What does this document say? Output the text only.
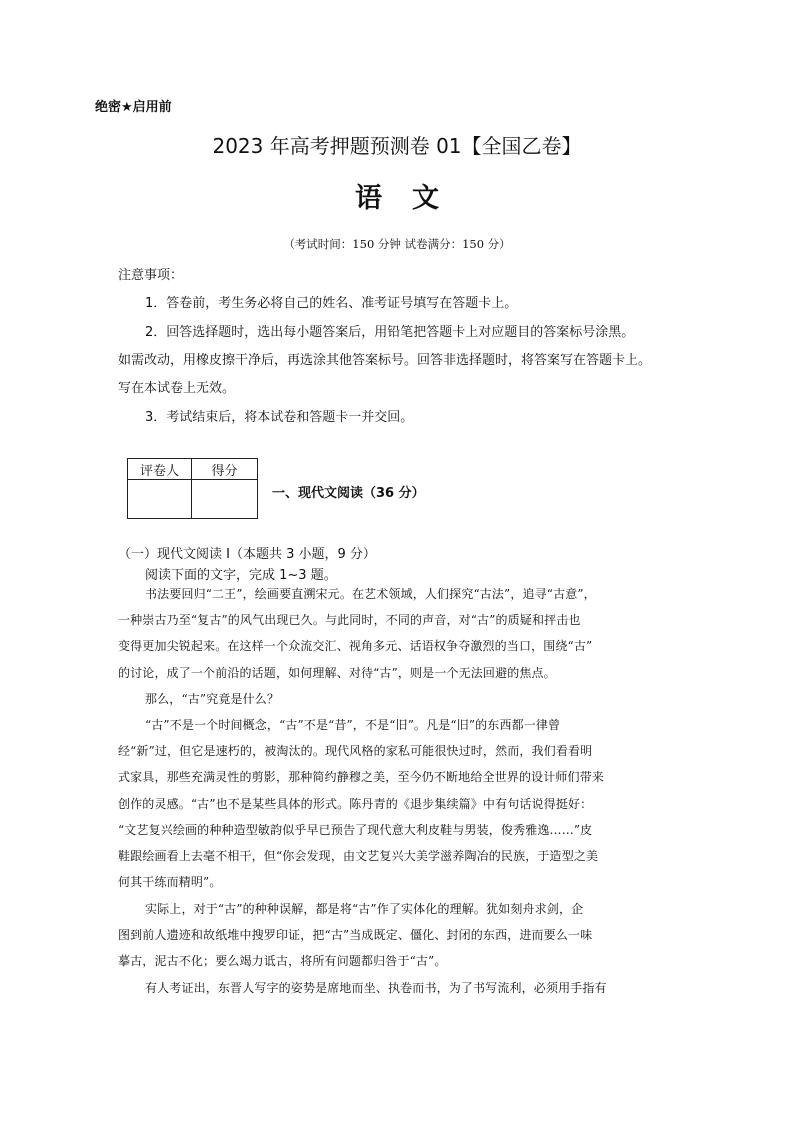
绝密★启用前
2023 年高考押题预测卷 01【全国乙卷】
语文
（考试时间：150 分钟 试卷满分：150 分）
注意事项：
1．答卷前，考生务必将自己的姓名、准考证号填写在答题卡上。
2．回答选择题时，选出每小题答案后，用铅笔把答题卡上对应题目的答案标号涂黑。
如需改动，用橡皮擦干净后，再选涂其他答案标号。回答非选择题时，将答案写在答题卡上。
写在本试卷上无效。
3．考试结束后，将本试卷和答题卡一并交回。
评卷人	得分

一、现代文阅读（36 分）
（一）现代文阅读 I（本题共 3 小题，9 分）
阅读下面的文字，完成 1~3 题。
书法要回归“二王”，绘画要直溯宋元。在艺术领域，人们探究“古法”，追寻“古意”，
一种崇古乃至“复古”的风气出现已久。与此同时，不同的声音，对“古”的质疑和抨击也
变得更加尖锐起来。在这样一个众流交汇、视角多元、话语权争夺激烈的当口，围绕“古”
的讨论，成了一个前沿的话题，如何理解、对待“古”，则是一个无法回避的焦点。
那么，“古”究竟是什么？
“古”不是一个时间概念，“古”不是“昔”，不是“旧”。凡是“旧”的东西都一律曾
经“新”过，但它是速朽的，被淘汰的。现代风格的家私可能很快过时，然而，我们看看明
式家具，那些充满灵性的剪影，那种简约静穆之美，至今仍不断地给全世界的设计师们带来
创作的灵感。“古”也不是某些具体的形式。陈丹青的《退步集续篇》中有句话说得挺好：
“文艺复兴绘画的种种造型敏韵似乎早已预告了现代意大利皮鞋与男装，俊秀雅逸……”皮
鞋跟绘画看上去毫不相干，但“你会发现，由文艺复兴大美学滋养陶冶的民族，于造型之美
何其干练而精明”。
实际上，对于“古”的种种误解，都是将“古”作了实体化的理解。犹如刻舟求剑，企
图到前人遗迹和故纸堆中搜罗印证，把“古”当成既定、僵化、封闭的东西，进而要么一味
摹古，泥古不化；要么竭力诋古，将所有问题都归咎于“古”。
有人考证出，东晋人写字的姿势是席地而坐、执卷而书，为了书写流利，必须用手指有
